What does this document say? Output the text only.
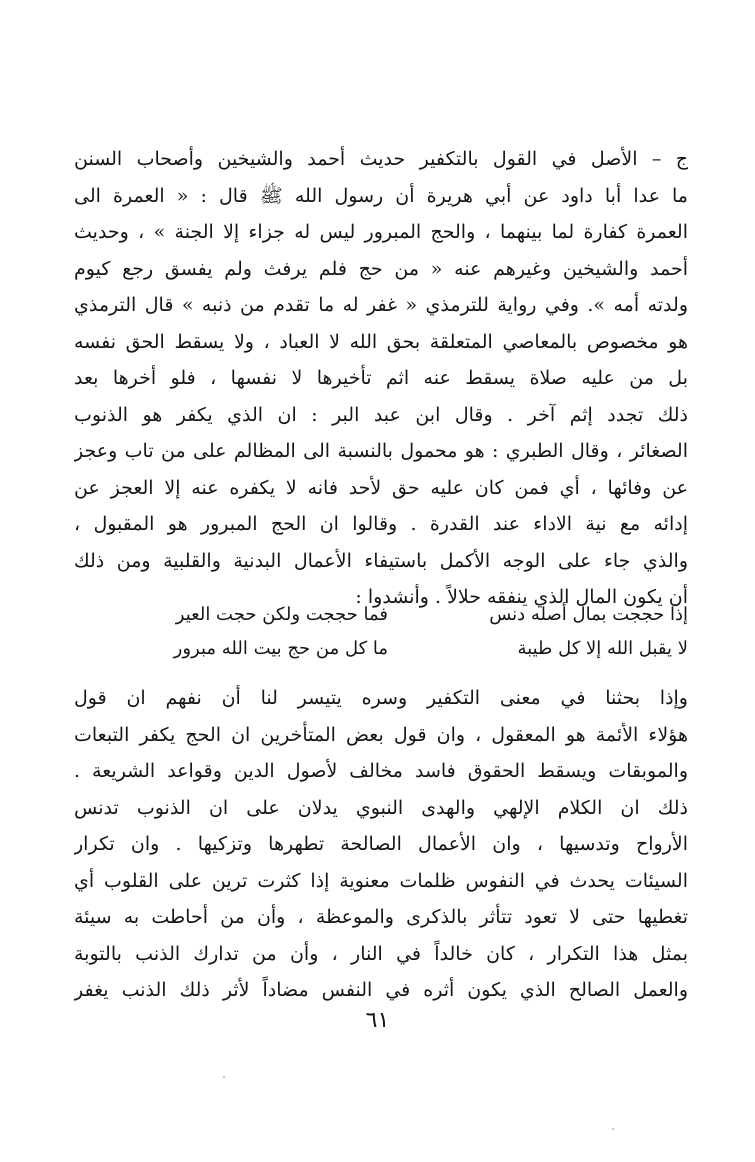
ج – الأصل في القول بالتكفير حديث أحمد والشيخين وأصحاب السنن
ما عدا أبا داود عن أبي هريرة أن رسول الله ﷺ قال : « العمرة الى
العمرة كفارة لما بينهما ، والحج المبرور ليس له جزاء إلا الجنة » ، وحديث
أحمد والشيخين وغيرهم عنه « من حج فلم يرفث ولم يفسق رجع كيوم
ولدته أمه ». وفي رواية للترمذي « غفر له ما تقدم من ذنبه » قال الترمذي
هو مخصوص بالمعاصي المتعلقة بحق الله لا العباد ، ولا يسقط الحق نفسه
بل من عليه صلاة يسقط عنه اثم تأخيرها لا نفسها ، فلو أخرها بعد
ذلك تجدد إثم آخر . وقال ابن عبد البر : ان الذي يكفر هو الذنوب
الصغائر ، وقال الطبري : هو محمول بالنسبة الى المظالم على من تاب وعجز
عن وفائها ، أي فمن كان عليه حق لأحد فانه لا يكفره عنه إلا العجز عن
إدائه مع نية الاداء عند القدرة . وقالوا ان الحج المبرور هو المقبول ،
والذي جاء على الوجه الأكمل باستيفاء الأعمال البدنية والقلبية ومن ذلك
أن يكون المال الذي ينفقه حلالاً . وأنشدوا :
إذا حججت بمال أصله دنس
فما حججت ولكن حجت العير
لا يقبل الله إلا كل طيبة
ما كل من حج بيت الله مبرور
وإذا بحثنا في معنى التكفير وسره يتيسر لنا أن نفهم ان قول
هؤلاء الأئمة هو المعقول ، وان قول بعض المتأخرين ان الحج يكفر التبعات
والموبقات ويسقط الحقوق فاسد مخالف لأصول الدين وقواعد الشريعة .
ذلك ان الكلام الإلهي والهدى النبوي يدلان على ان الذنوب تدنس
الأرواح وتدسيها ، وان الأعمال الصالحة تطهرها وتزكيها . وان تكرار
السيئات يحدث في النفوس ظلمات معنوية إذا كثرت ترين على القلوب أي
تغطيها حتى لا تعود تتأثر بالذكرى والموعظة ، وأن من أحاطت به سيئة
بمثل هذا التكرار ، كان خالداً في النار ، وأن من تدارك الذنب بالتوبة
والعمل الصالح الذي يكون أثره في النفس مضاداً لأثر ذلك الذنب يغفر
٦١
